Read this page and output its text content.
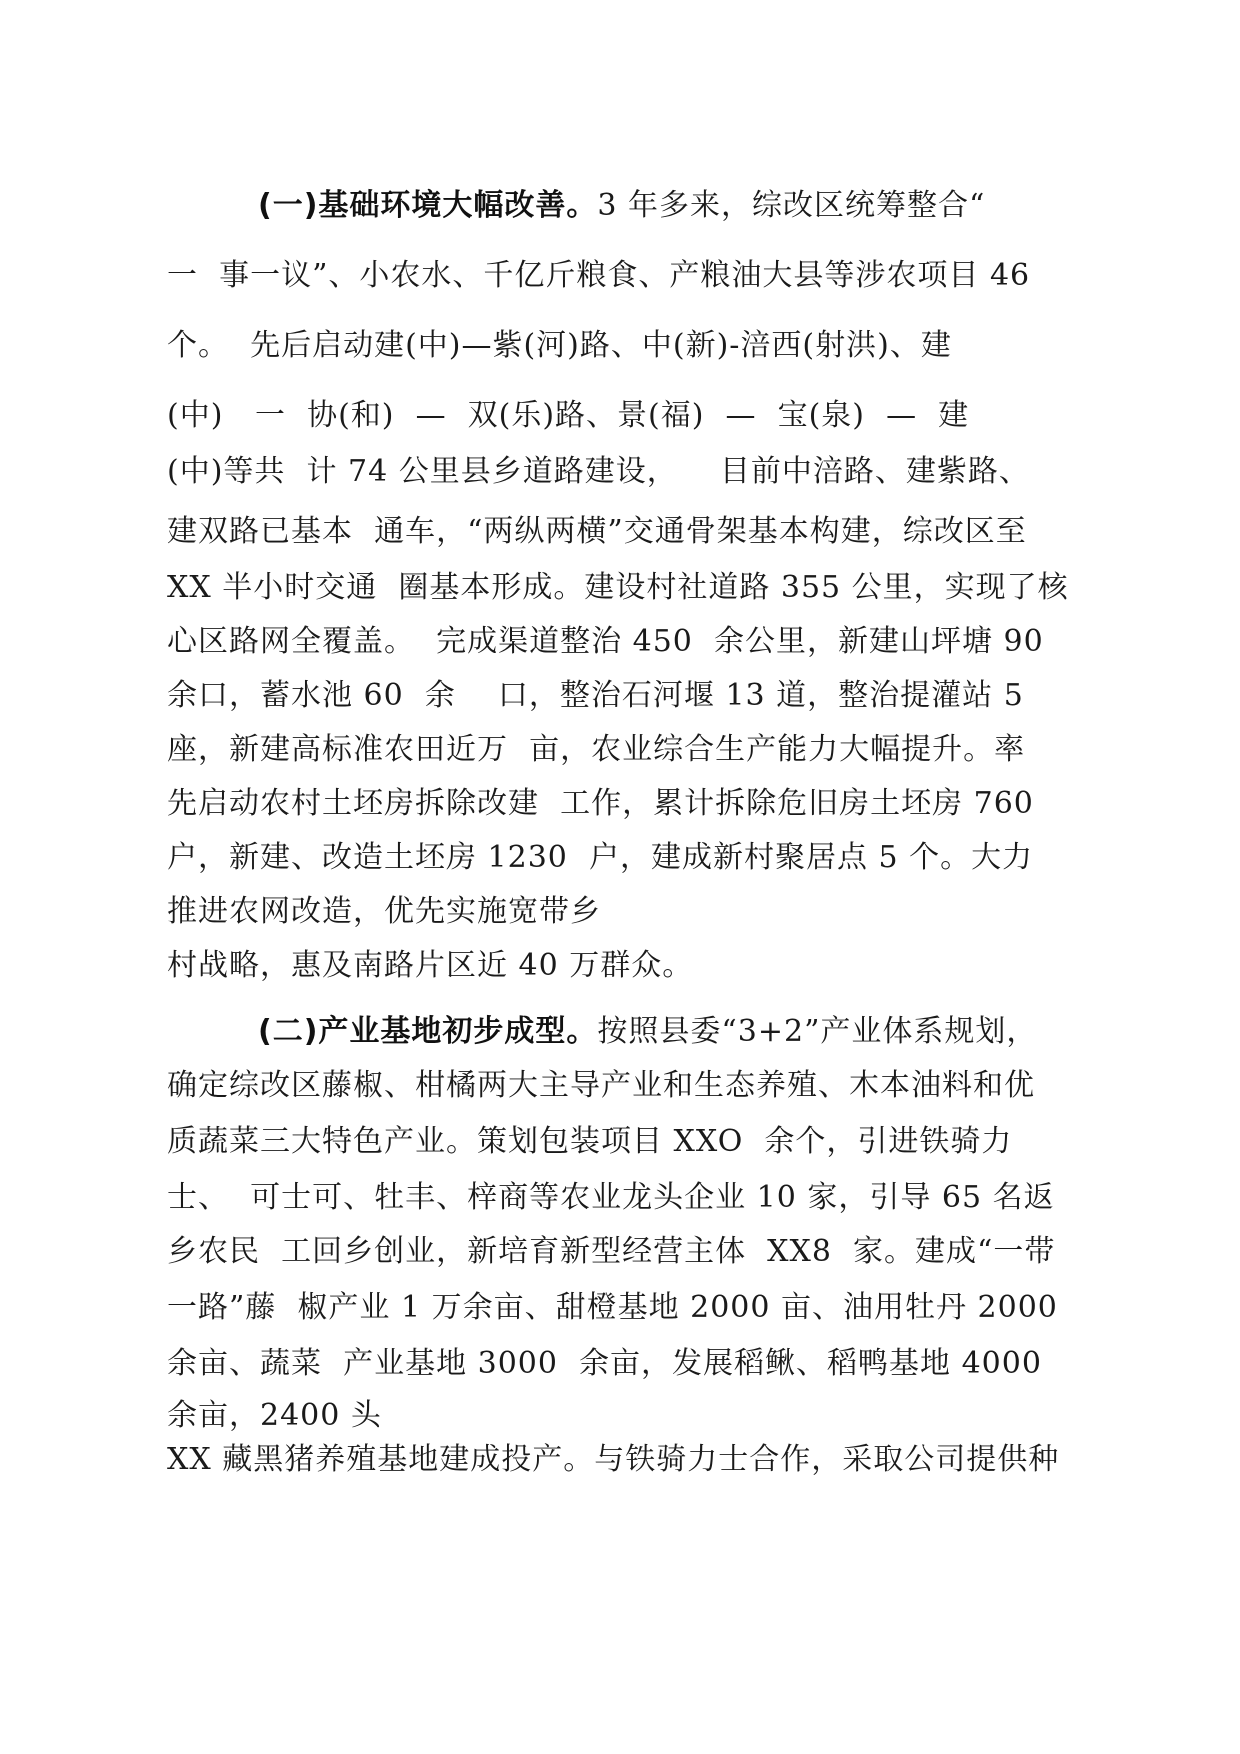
(一)基础环境大幅改善。3 年多来，综改区统筹整合“
一  事一议”、小农水、千亿斤粮食、产粮油大县等涉农项目 46
个。  先后启动建(中)—紫(河)路、中(新)-涪西(射洪)、建
(中)   一  协(和)  —  双(乐)路、景(福)  —  宝(泉)  —  建
(中)等共  计 74 公里县乡道路建设，    目前中涪路、建紫路、
建双路已基本  通车，“两纵两横”交通骨架基本构建，综改区至
XX 半小时交通  圈基本形成。建设村社道路 355 公里，实现了核
心区路网全覆盖。  完成渠道整治 450  余公里，新建山坪塘 90
余口，蓄水池 60  余    口，整治石河堰 13 道，整治提灌站 5
座，新建高标准农田近万  亩，农业综合生产能力大幅提升。率
先启动农村土坯房拆除改建  工作，累计拆除危旧房土坯房 760
户，新建、改造土坯房 1230  户，建成新村聚居点 5 个。大力
推进农网改造，优先实施宽带乡
村战略，惠及南路片区近 40 万群众。
(二)产业基地初步成型。按照县委“3+2”产业体系规划，
确定综改区藤椒、柑橘两大主导产业和生态养殖、木本油料和优
质蔬菜三大特色产业。策划包装项目 XXO  余个，引进铁骑力
士、  可士可、牡丰、梓商等农业龙头企业 10 家，引导 65 名返
乡农民  工回乡创业，新培育新型经营主体  XX8  家。建成“一带
一路”藤  椒产业 1 万余亩、甜橙基地 2000 亩、油用牡丹 2000
余亩、蔬菜  产业基地 3000  余亩，发展稻鳅、稻鸭基地 4000
余亩，2400 头
XX 藏黑猪养殖基地建成投产。与铁骑力士合作，采取公司提供种
